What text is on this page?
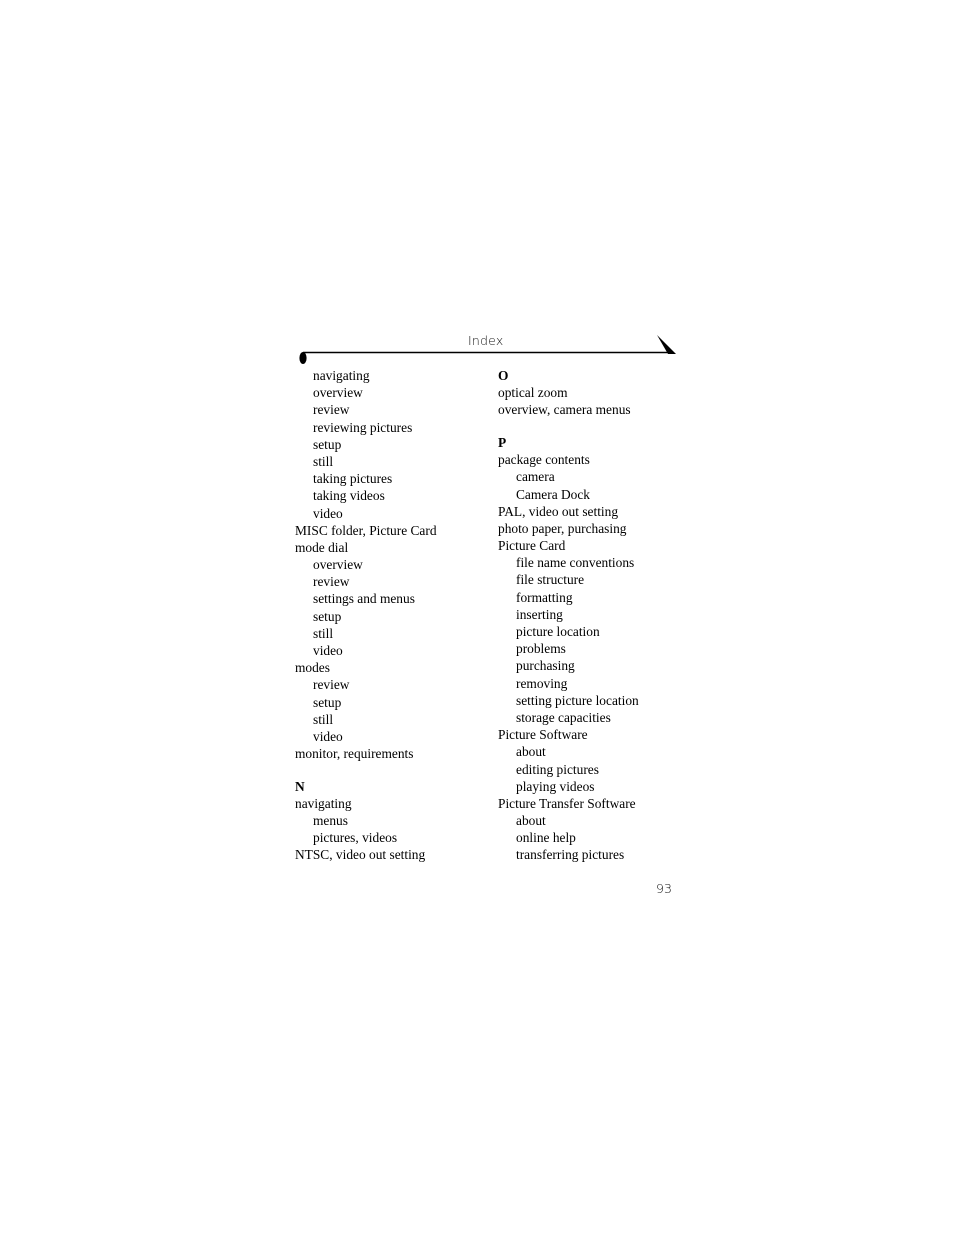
Index
navigating
overview
review
reviewing pictures
setup
still
taking pictures
taking videos
video
MISC folder, Picture Card
mode dial
overview
review
settings and menus
setup
still
video
modes
review
setup
still
video
monitor, requirements
N
navigating
menus
pictures, videos
NTSC, video out setting
O
optical zoom
overview, camera menus
P
package contents
camera
Camera Dock
PAL, video out setting
photo paper, purchasing
Picture Card
file name conventions
file structure
formatting
inserting
picture location
problems
purchasing
removing
setting picture location
storage capacities
Picture Software
about
editing pictures
playing videos
Picture Transfer Software
about
online help
transferring pictures
93
